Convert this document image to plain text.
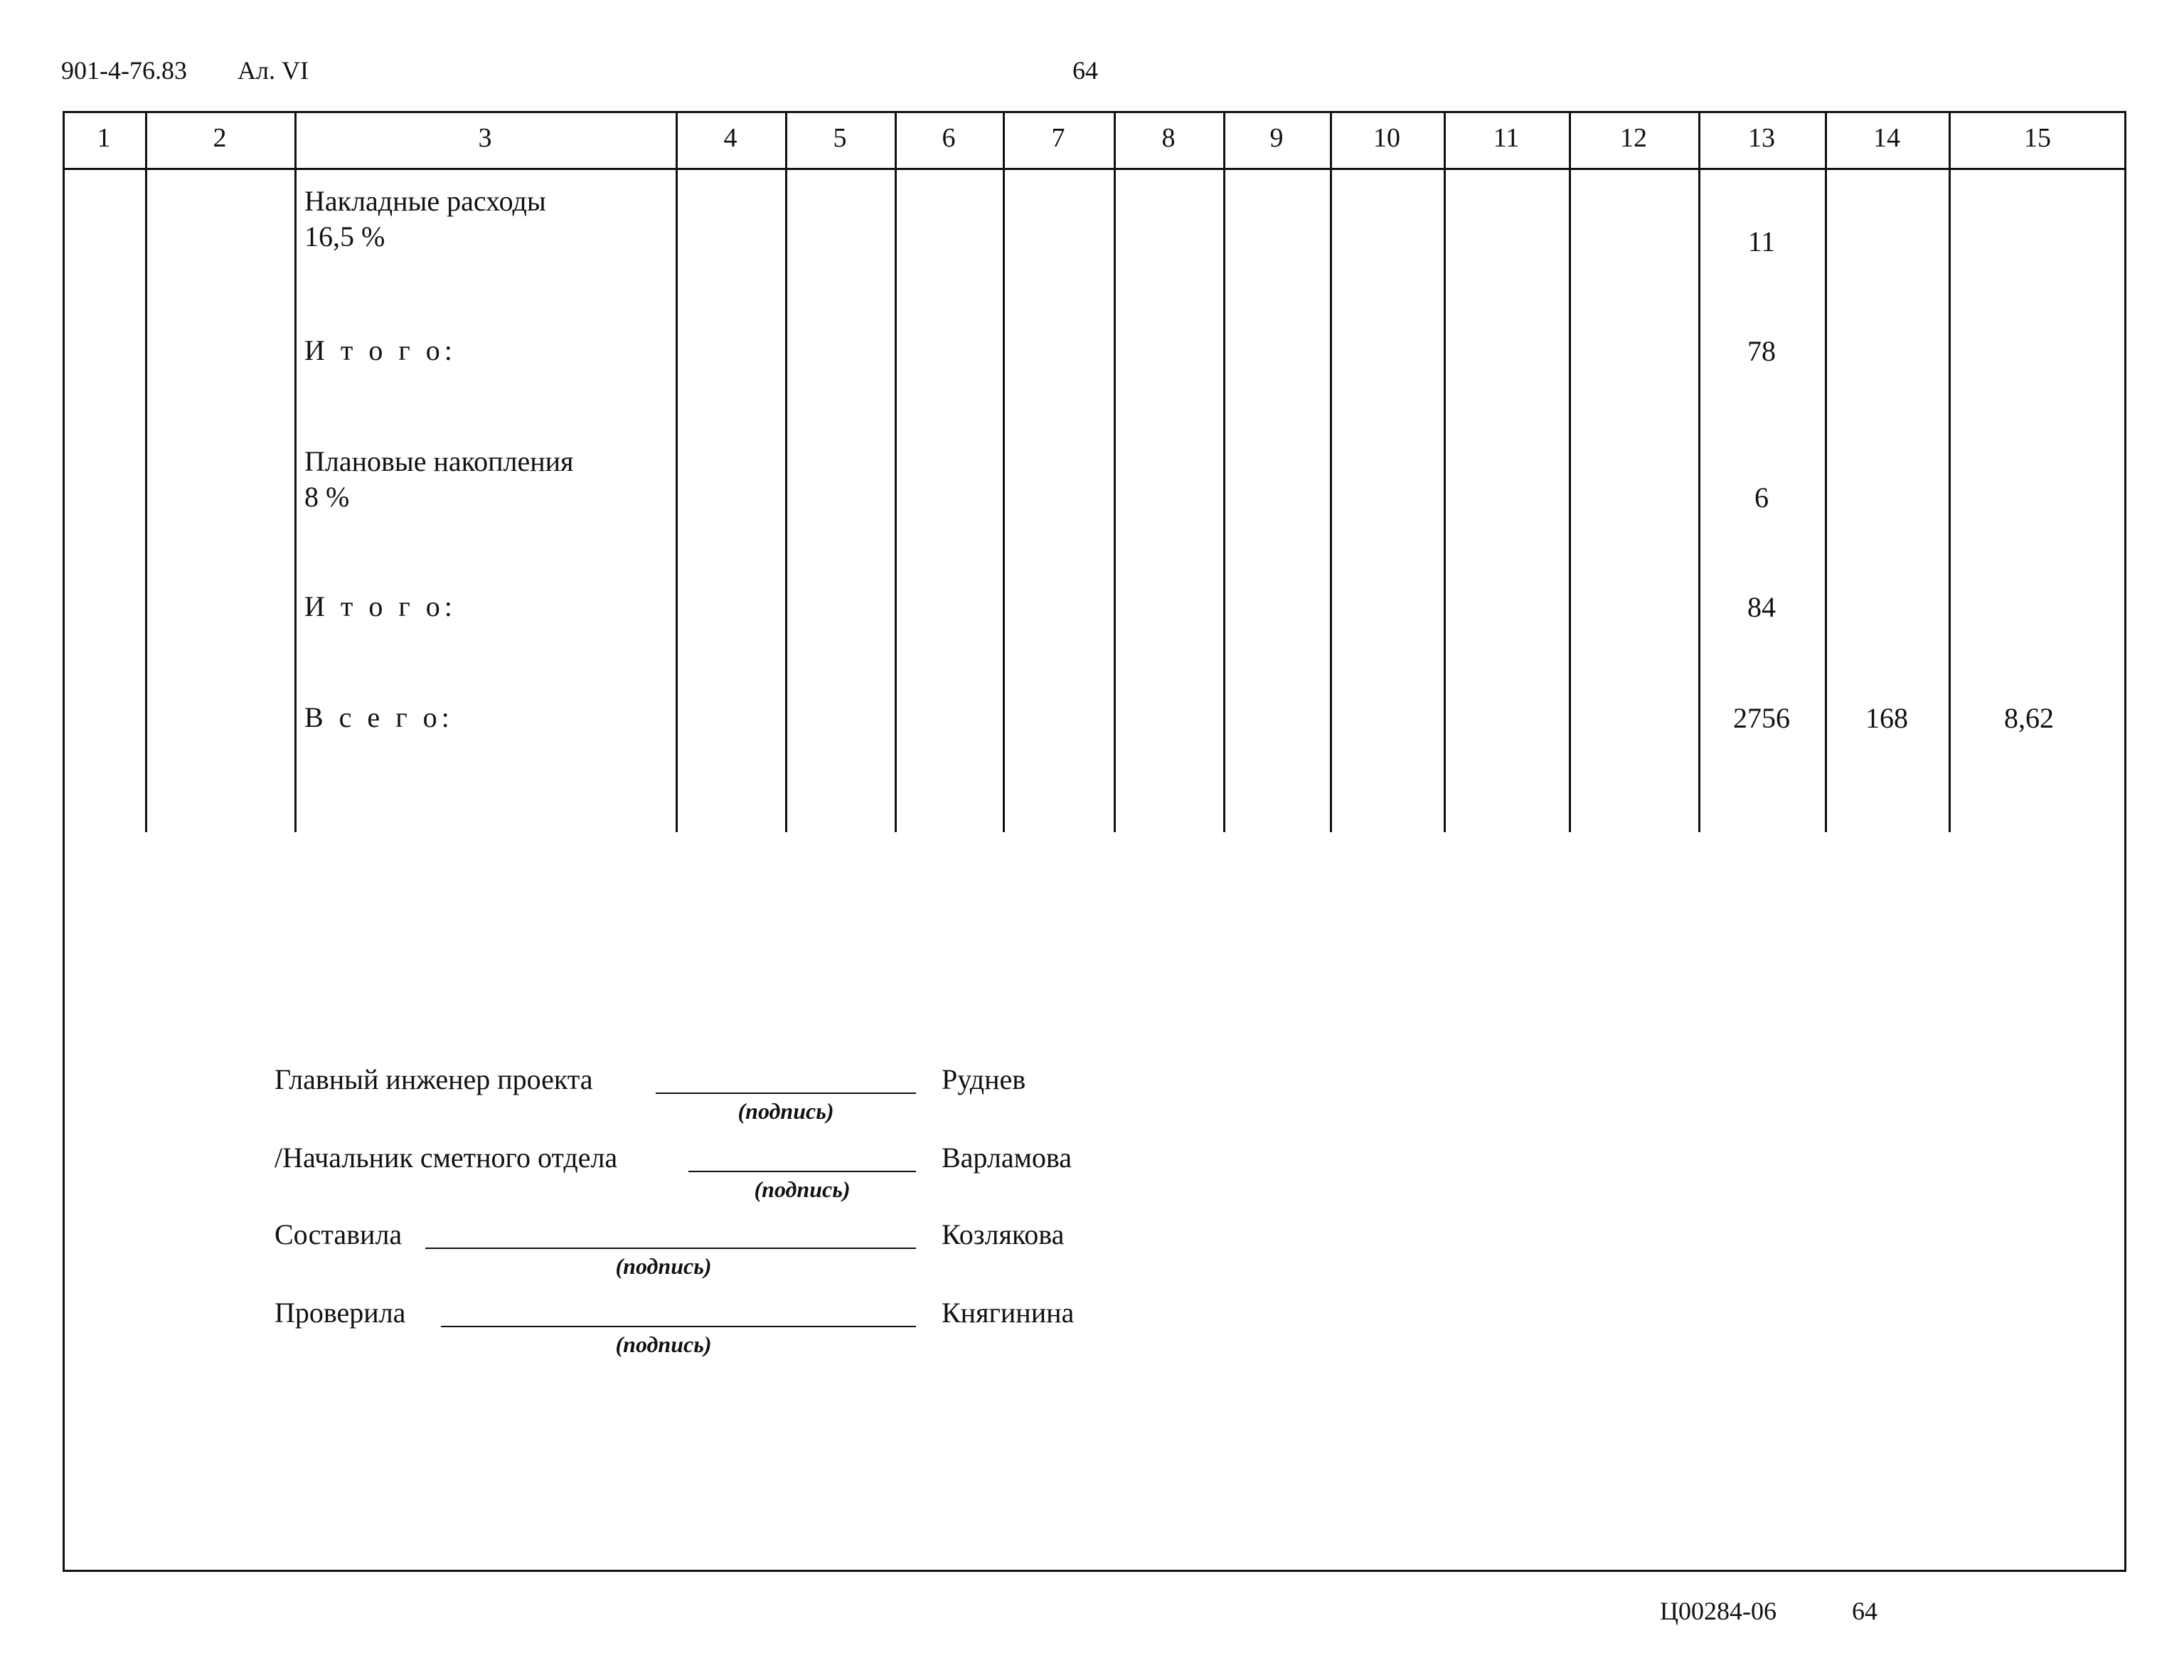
901-4-76.83 Ал. VI	64
1	2	3	4	5	6	7	8	9	10	11	12	13	14	15
Накладные расходы
16,5 %	11
И т о г о:	78
Плановые накопления
8 %	6
И т о г о:	84
В с е г о:	2756	168	8,62
Главный инженер проекта
(подпись)
Руднев
/Начальник сметного отдела
(подпись)
Варламова
Составила
(подпись)
Козлякова
Проверила
(подпись)
Княгинина
Ц00284-06	64
